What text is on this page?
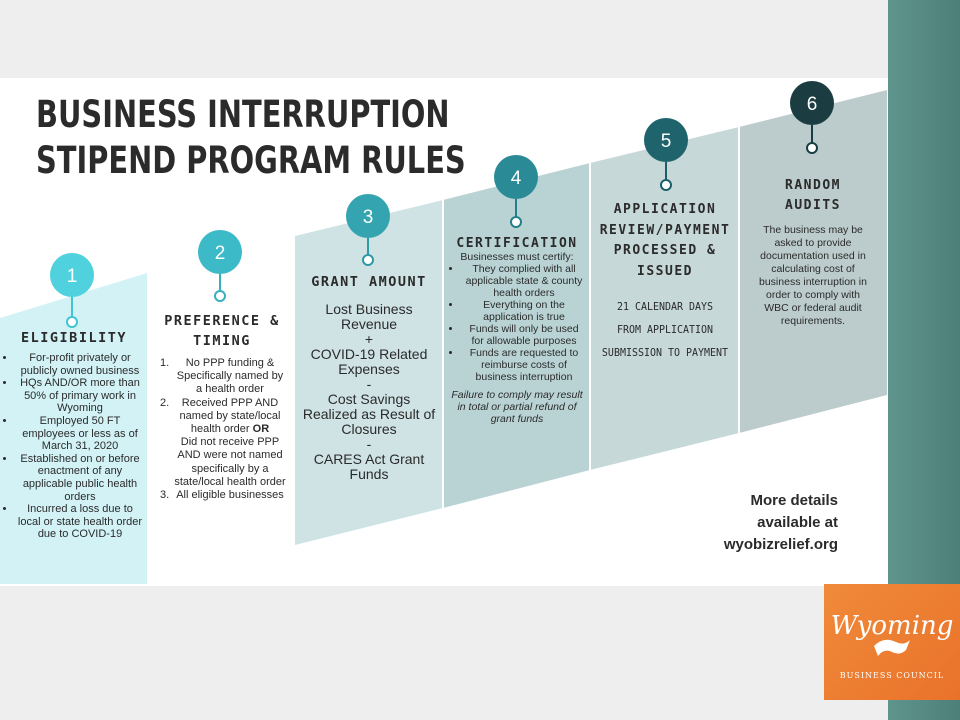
1
2
3
4
5
6
BUSINESS INTERRUPTION
STIPEND PROGRAM RULES
ELIGIBILITY
• For-profit privately or publicly owned business
• HQs AND/OR more than 50% of primary work in Wyoming
• Employed 50 FT employees or less as of March 31, 2020
• Established on or before enactment of any applicable public health orders
• Incurred a loss due to local or state health order due to COVID-19
PREFERENCE &
TIMING
1. No PPP funding & Specifically named by a health order
2. Received PPP AND named by state/local health order OR
Did not receive PPP AND were not named specifically by a state/local health order
3. All eligible businesses
GRANT AMOUNT
Lost Business Revenue
+
COVID-19 Related Expenses
-
Cost Savings Realized as Result of Closures
-
CARES Act Grant Funds
CERTIFICATION
Businesses must certify:
• They complied with all applicable state & county health orders
• Everything on the application is true
• Funds will only be used for allowable purposes
• Funds are requested to reimburse costs of business interruption
Failure to comply may result in total or partial refund of grant funds
APPLICATION
REVIEW/PAYMENT
PROCESSED &
ISSUED
21 CALENDAR DAYS
FROM APPLICATION
SUBMISSION TO PAYMENT
RANDOM
AUDITS
The business may be asked to provide documentation used in calculating cost of business interruption in order to comply with WBC or federal audit requirements.
More details
available at
wyobizrelief.org
Wyoming
BUSINESS COUNCIL
